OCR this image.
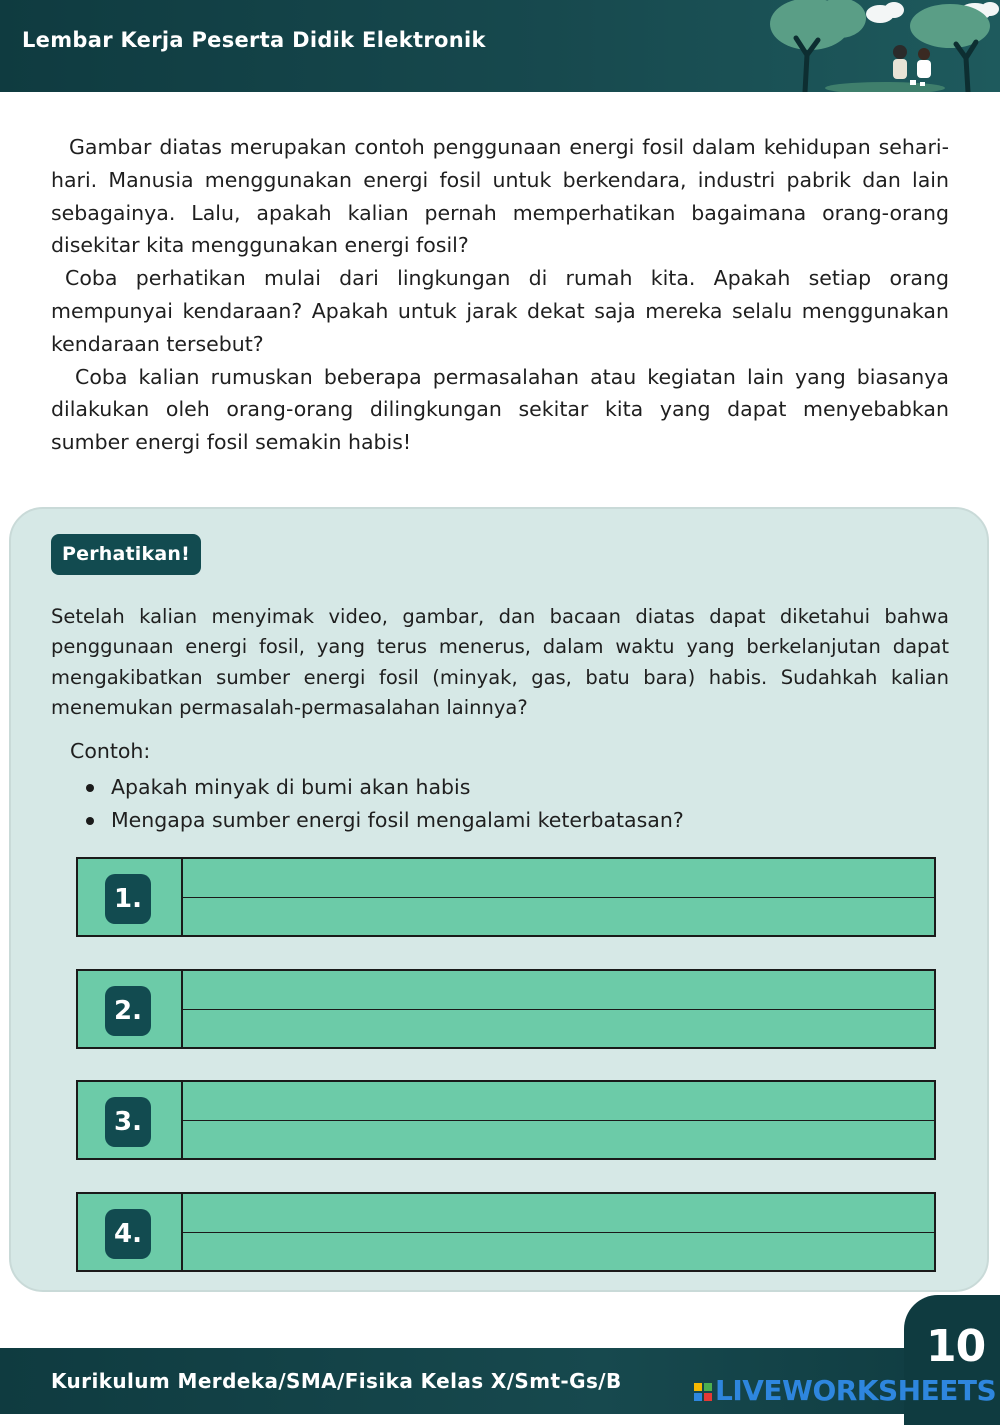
Lembar Kerja Peserta Didik Elektronik

Gambar diatas merupakan contoh penggunaan energi fosil dalam kehidupan sehari-hari. Manusia menggunakan energi fosil untuk berkendara, industri pabrik dan lain sebagainya. Lalu, apakah kalian pernah memperhatikan bagaimana orang-orang disekitar kita menggunakan energi fosil?

Coba perhatikan mulai dari lingkungan di rumah kita. Apakah setiap orang mempunyai kendaraan? Apakah untuk jarak dekat saja mereka selalu menggunakan kendaraan tersebut?

Coba kalian rumuskan beberapa permasalahan atau kegiatan lain yang biasanya dilakukan oleh orang-orang dilingkungan sekitar kita yang dapat menyebabkan sumber energi fosil semakin habis!

Perhatikan!

Setelah kalian menyimak video, gambar, dan bacaan diatas dapat diketahui bahwa penggunaan energi fosil, yang terus menerus, dalam waktu yang berkelanjutan dapat mengakibatkan sumber energi fosil (minyak, gas, batu bara) habis. Sudahkah kalian menemukan permasalah-permasalahan lainnya?

Contoh:
Apakah minyak di bumi akan habis
Mengapa sumber energi fosil mengalami keterbatasan?
1.
2.
3.
4.
Kurikulum Merdeka/SMA/Fisika Kelas X/Smt-Gs/B
10
LIVEWORKSHEETS
